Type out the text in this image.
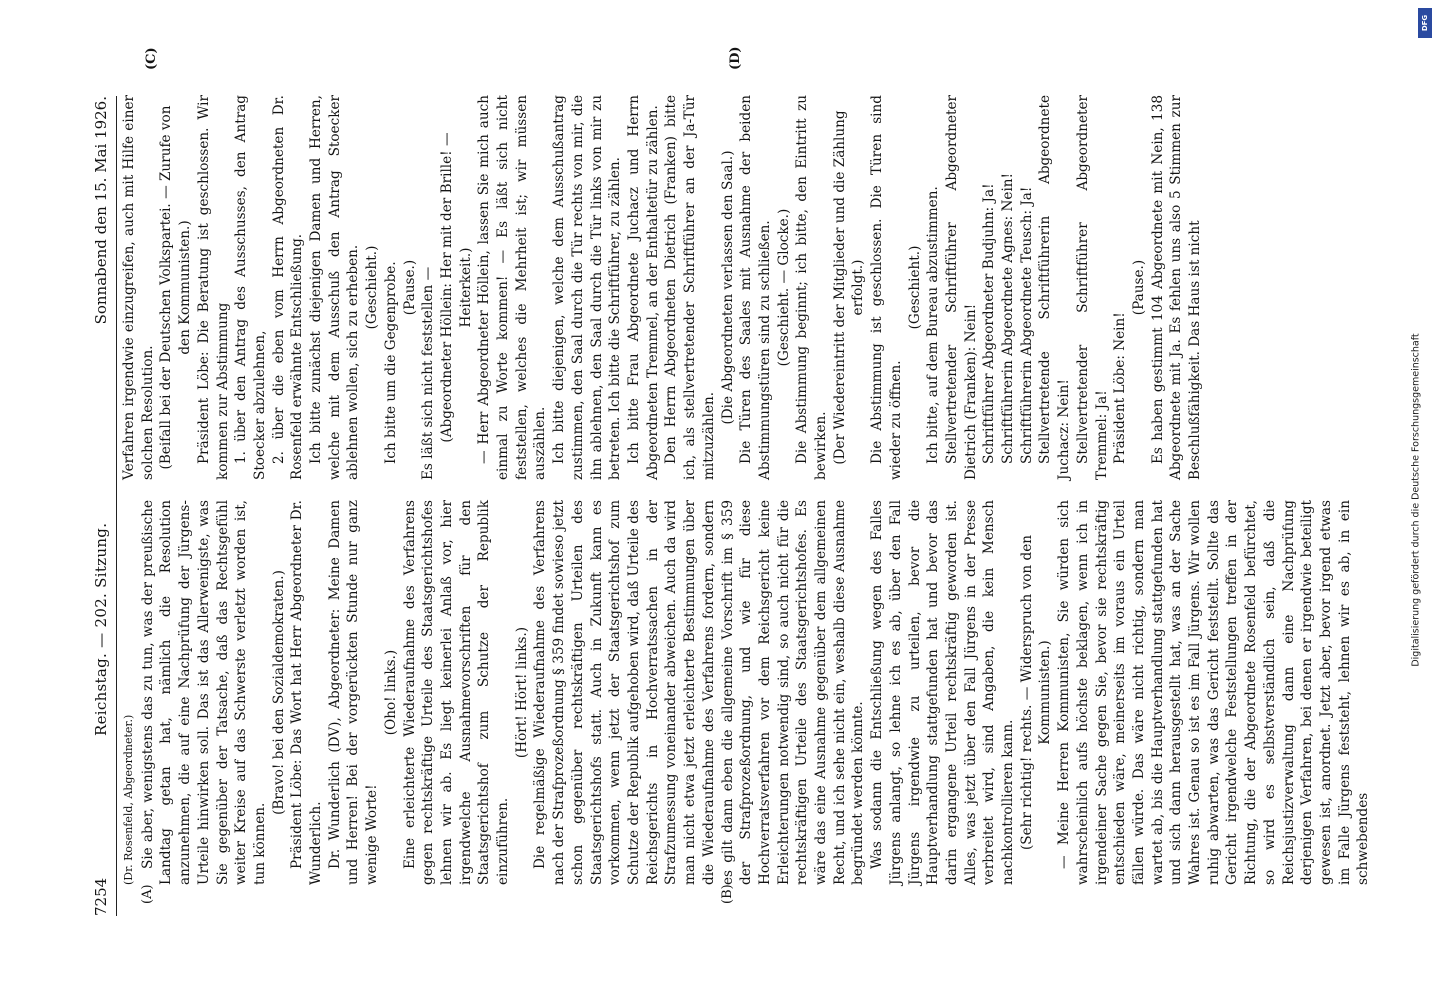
7254
Reichstag. — 202. Sitzung.
Sonnabend den 15. Mai 1926.
(A)	(B)
(C)	(D)

(Dr. Rosenfeld, Abgeordneter.) Sie aber, wenigstens das zu tun, was der preußische Landtag getan hat, nämlich die Resolution anzunehmen, die auf eine Nachprüfung der Jürgens-Urteile hinwirken soll. Das ist das Allerwenigste, was Sie gegenüber der Tatsache, daß das Rechtsgefühl weiter Kreise auf das Schwerste verletzt worden ist, tun können.

(Bravo! bei den Sozialdemokraten.) Präsident Löbe: Das Wort hat Herr Abgeordneter Dr. Wunderlich. Dr. Wunderlich (DV), Abgeordneter: Meine Damen und Herren! Bei der vorgerückten Stunde nur ganz wenige Worte!

(Oho! links.) Eine erleichterte Wiederaufnahme des Verfahrens gegen rechtskräftige Urteile des Staatsgerichtshofes lehnen wir ab. Es liegt keinerlei Anlaß vor, hier irgendwelche Ausnahmevorschriften für den Staatsgerichtshof zum Schutze der Republik einzuführen.

(Hört! Hört! links.) Die regelmäßige Wiederaufnahme des Verfahrens nach der Strafprozeßordnung § 359 findet sowieso jetzt schon gegenüber rechtskräftigen Urteilen des Staatsgerichtshofs statt. Auch in Zukunft kann es vorkommen, wenn jetzt der Staatsgerichtshof zum Schutze der Republik aufgehoben wird, daß Urteile des Reichsgerichts in Hochverratssachen in der Strafzumessung voneinander abweichen. Auch da wird man nicht etwa jetzt erleichterte Bestimmungen über die Wiederaufnahme des Verfahrens fordern, sondern es gilt dann eben die allgemeine Vorschrift im § 359 der Strafprozeßordnung, und wie für diese Hochverratsverfahren vor dem Reichsgericht keine Erleichterungen notwendig sind, so auch nicht für die rechtskräftigen Urteile des Staatsgerichtshofes. Es wäre das eine Ausnahme gegenüber dem allgemeinen Recht, und ich sehe nicht ein, weshalb diese Ausnahme begründet werden könnte. Was sodann die Entschließung wegen des Falles Jürgens anlangt, so lehne ich es ab, über den Fall Jürgens irgendwie zu urteilen, bevor die Hauptverhandlung stattgefunden hat und bevor das darin ergangene Urteil rechtskräftig geworden ist. Alles, was jetzt über den Fall Jürgens in der Presse verbreitet wird, sind Angaben, die kein Mensch nachkontrollieren kann. (Sehr richtig! rechts. — Widerspruch von den Kommunisten.) — Meine Herren Kommunisten, Sie würden sich wahrscheinlich aufs höchste beklagen, wenn ich in irgendeiner Sache gegen Sie, bevor sie rechtskräftig entschieden wäre, meinerseits im voraus ein Urteil fällen würde. Das wäre nicht richtig, sondern man wartet ab, bis die Hauptverhandlung stattgefunden hat und sich dann herausgestellt hat, was an der Sache Wahres ist. Genau so ist es im Fall Jürgens. Wir wollen ruhig abwarten, was das Gericht feststellt. Sollte das Gericht irgendwelche Feststellungen treffen in der Richtung, die der Abgeordnete Rosenfeld befürchtet, so wird es selbstverständlich sein, daß die Reichsjustizverwaltung dann eine Nachprüfung derjenigen Verfahren, bei denen er irgendwie beteiligt gewesen ist, anordnet. Jetzt aber, bevor irgend etwas im Falle Jürgens feststeht, lehnen wir es ab, in ein schwebendes

Verfahren irgendwie einzugreifen, auch mit Hilfe einer solchen Resolution. (Beifall bei der Deutschen Volkspartei. — Zurufe von den Kommunisten.) Präsident Löbe: Die Beratung ist geschlossen. Wir kommen zur Abstimmung 1. über den Antrag des Ausschusses, den Antrag Stoecker abzulehnen, 2. über die eben vom Herrn Abgeordneten Dr. Rosenfeld erwähnte Entschließung. Ich bitte zunächst diejenigen Damen und Herren, welche mit dem Ausschuß den Antrag Stoecker ablehnen wollen, sich zu erheben. (Geschieht.) Ich bitte um die Gegenprobe. (Pause.) Es läßt sich nicht feststellen — (Abgeordneter Höllein: Her mit der Brille! — Heiterkeit.) — Herr Abgeordneter Höllein, lassen Sie mich auch einmal zu Worte kommen! — Es läßt sich nicht feststellen, welches die Mehrheit ist; wir müssen auszählen. Ich bitte diejenigen, welche dem Ausschußantrag zustimmen, den Saal durch die Tür rechts von mir, die ihn ablehnen, den Saal durch die Tür links von mir zu betreten. Ich bitte die Schriftführer, zu zählen. Ich bitte Frau Abgeordnete Juchacz und Herrn Abgeordneten Tremmel, an der Enthaltetür zu zählen. Den Herrn Abgeordneten Dietrich (Franken) bitte ich, als stellvertretender Schriftführer an der Ja-Tür mitzuzählen.

(Die Abgeordneten verlassen den Saal.) Die Türen des Saales mit Ausnahme der beiden Abstimmungstüren sind zu schließen. (Geschieht. — Glocke.) Die Abstimmung beginnt; ich bitte, den Eintritt zu bewirken. (Der Wiedereintritt der Mitglieder und die Zählung erfolgt.) Die Abstimmung ist geschlossen. Die Türen sind wieder zu öffnen.

(Geschieht.) Ich bitte, auf dem Bureau abzustimmen. Stellvertretender Schriftführer Abgeordneter Dietrich (Franken): Nein! Schriftführer Abgeordneter Budjuhn: Ja! Schriftführerin Abgeordnete Agnes: Nein! Schriftführerin Abgeordnete Teusch: Ja! Stellvertretende Schriftführerin Abgeordnete Juchacz: Nein! Stellvertretender Schriftführer Abgeordneter Tremmel: Ja! Präsident Löbe: Nein!

(Pause.) Es haben gestimmt 104 Abgeordnete mit Nein, 138 Abgeordnete mit Ja. Es fehlen uns also 5 Stimmen zur Beschlußfähigkeit. Das Haus ist nicht	Digitalisierung gefördert durch die Deutsche Forschungsgemeinschaft
DFG
